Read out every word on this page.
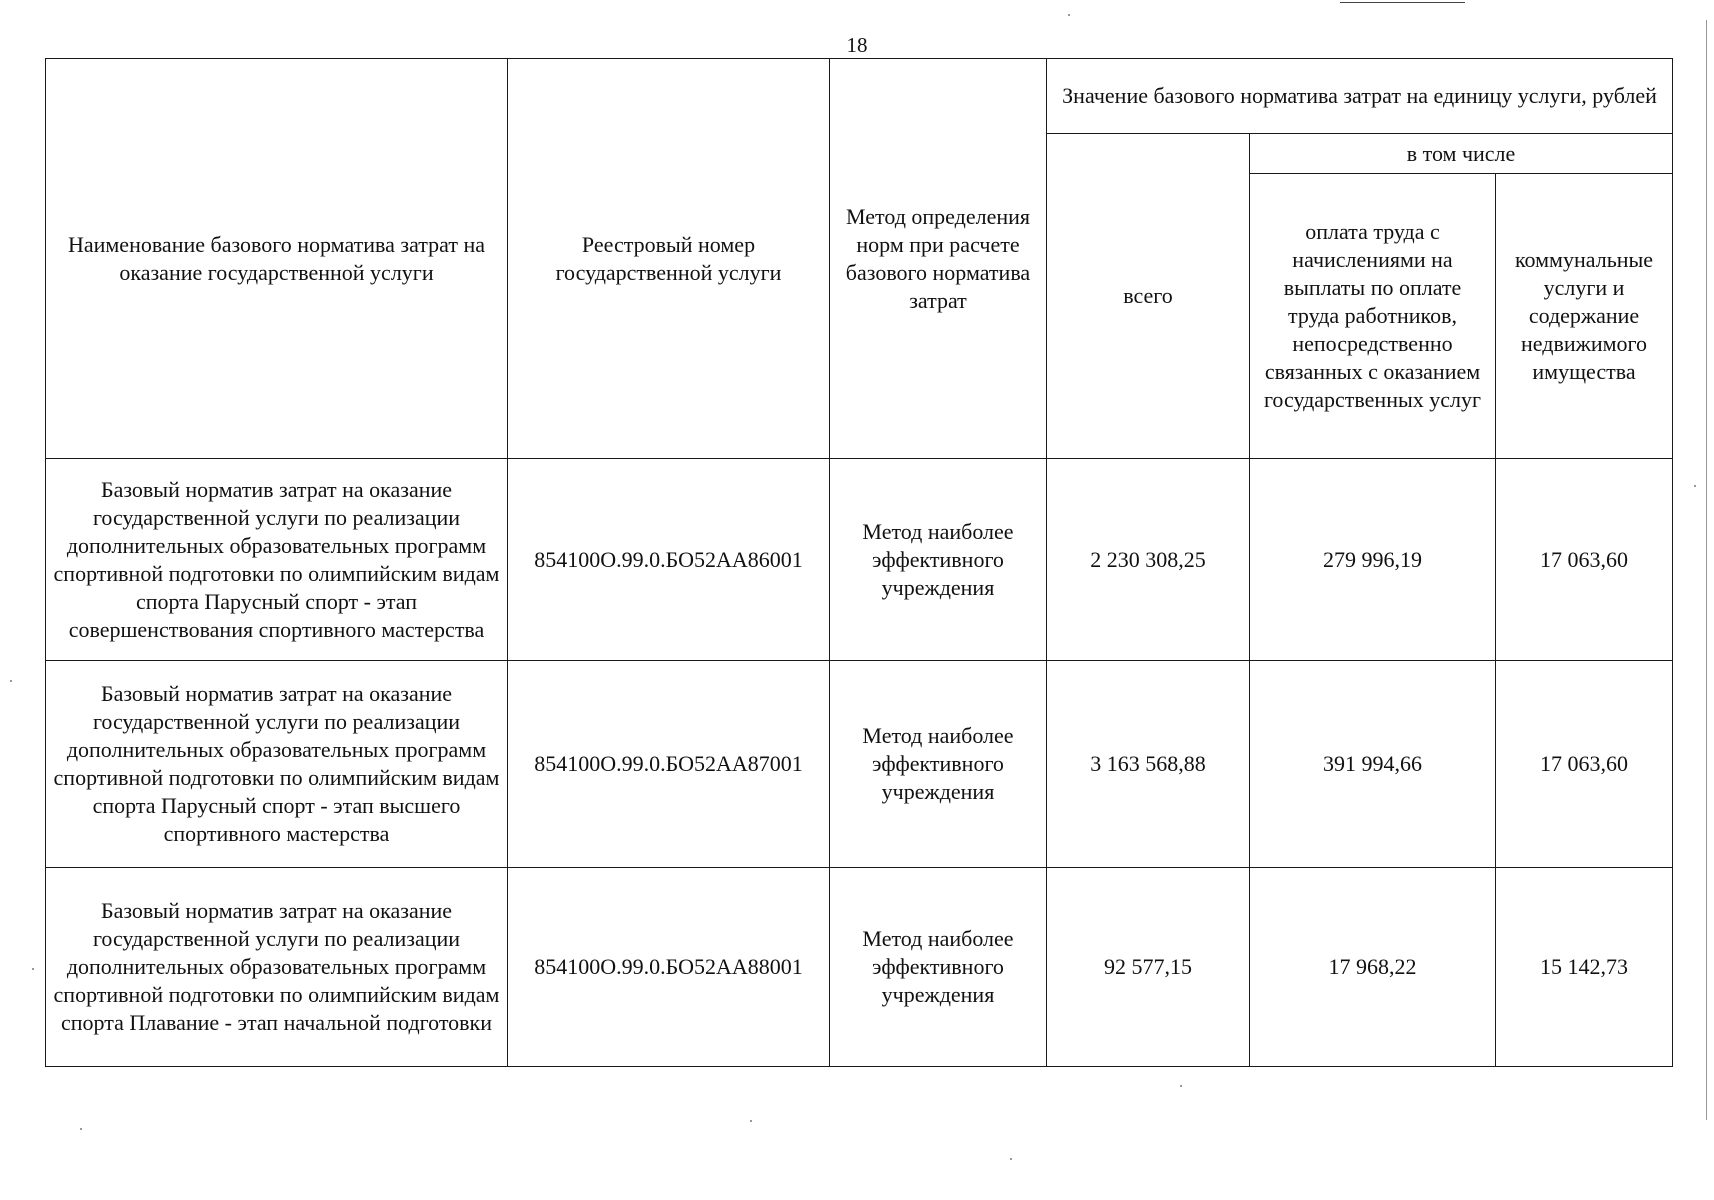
18
Наименование базового норматива затрат на оказание государственной услуги	Реестровый номер государственной услуги	Метод определения норм при расчете базового норматива затрат	Значение базового норматива затрат на единицу услуги, рублей		
			всего	в том числе	
				оплата труда с начислениями на выплаты по оплате труда работников, непосредственно связанных с оказанием государственных услуг	коммунальные услуги и содержание недвижимого имущества
Базовый норматив затрат на оказание государственной услуги по реализации дополнительных образовательных программ спортивной подготовки по олимпийским видам спорта Парусный спорт - этап совершенствования спортивного мастерства	854100О.99.0.БО52АА86001	Метод наиболее эффективного учреждения	2 230 308,25	279 996,19	17 063,60
Базовый норматив затрат на оказание государственной услуги по реализации дополнительных образовательных программ спортивной подготовки по олимпийским видам спорта Парусный спорт - этап высшего спортивного мастерства	854100О.99.0.БО52АА87001	Метод наиболее эффективного учреждения	3 163 568,88	391 994,66	17 063,60
Базовый норматив затрат на оказание государственной услуги по реализации дополнительных образовательных программ спортивной подготовки по олимпийским видам спорта Плавание - этап начальной подготовки	854100О.99.0.БО52АА88001	Метод наиболее эффективного учреждения	92 577,15	17 968,22	15 142,73
